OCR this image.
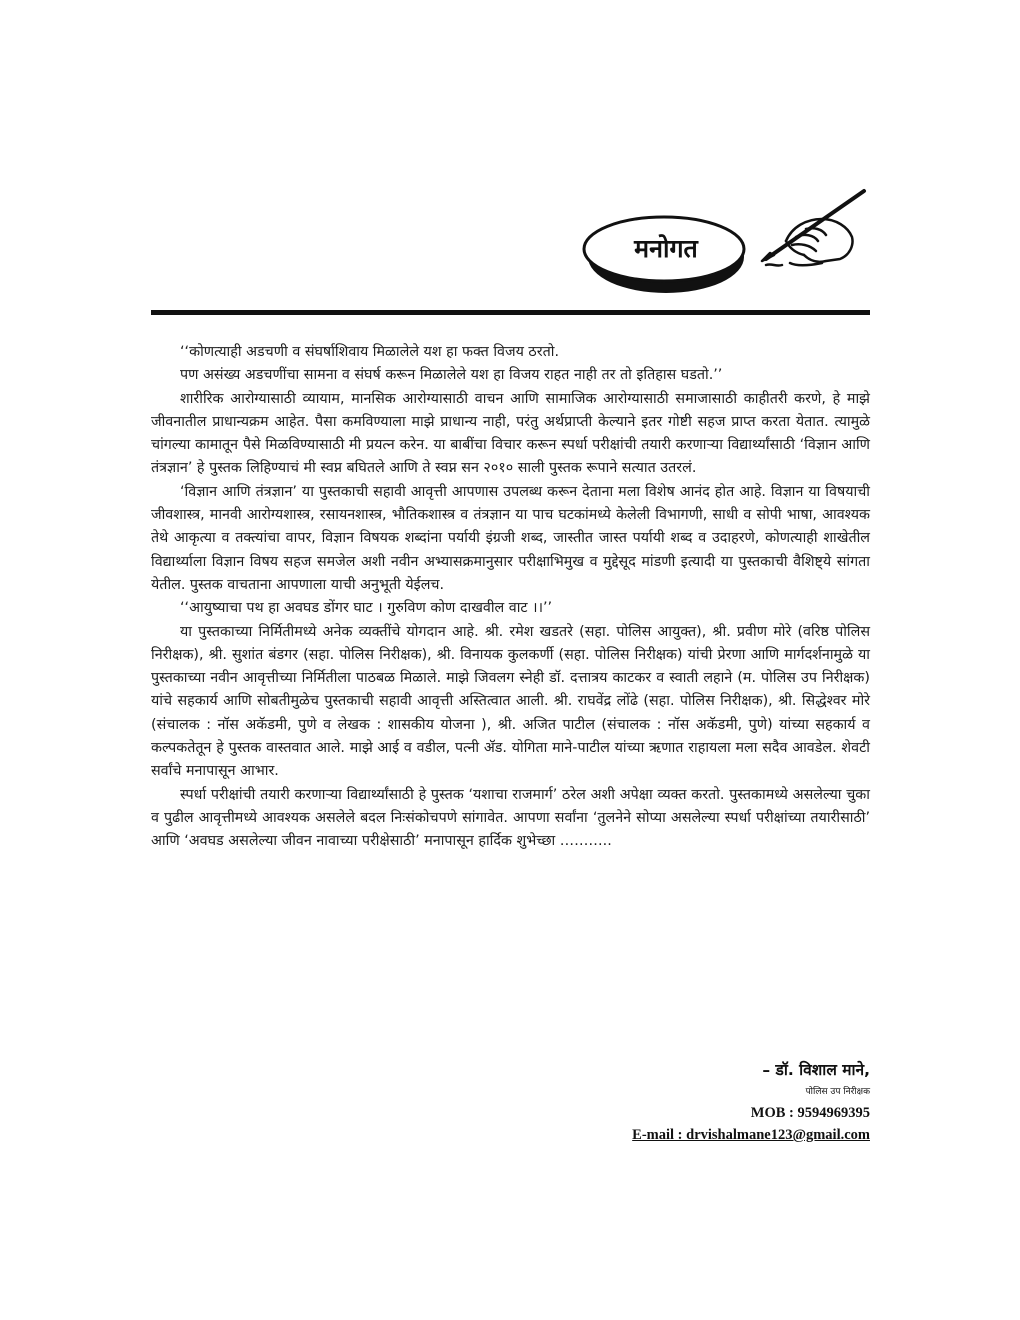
मनोगत

‘‘कोणत्याही अडचणी व संघर्षाशिवाय मिळालेले यश हा फक्त विजय ठरतो.

पण असंख्य अडचणींचा सामना व संघर्ष करून मिळालेले यश हा विजय राहत नाही तर तो इतिहास घडतो.’’

शारीरिक आरोग्यासाठी व्यायाम, मानसिक आरोग्यासाठी वाचन आणि सामाजिक आरोग्यासाठी समाजासाठी काहीतरी करणे, हे माझे जीवनातील प्राधान्यक्रम आहेत. पैसा कमविण्याला माझे प्राधान्य नाही, परंतु अर्थप्राप्ती केल्याने इतर गोष्टी सहज प्राप्त करता येतात. त्यामुळे चांगल्या कामातून पैसे मिळविण्यासाठी मी प्रयत्न करेन. या बाबींचा विचार करून स्पर्धा परीक्षांची तयारी करणाऱ्या विद्यार्थ्यांसाठी ‘विज्ञान आणि तंत्रज्ञान’ हे पुस्तक लिहिण्याचं मी स्वप्न बघितले आणि ते स्वप्न सन २०१० साली पुस्तक रूपाने सत्यात उतरलं.

‘विज्ञान आणि तंत्रज्ञान’ या पुस्तकाची सहावी आवृत्ती आपणास उपलब्ध करून देताना मला विशेष आनंद होत आहे. विज्ञान या विषयाची जीवशास्त्र, मानवी आरोग्यशास्त्र, रसायनशास्त्र, भौतिकशास्त्र व तंत्रज्ञान या पाच घटकांमध्ये केलेली विभागणी, साधी व सोपी भाषा, आवश्यक तेथे आकृत्या व तक्त्यांचा वापर, विज्ञान विषयक शब्दांना पर्यायी इंग्रजी शब्द, जास्तीत जास्त पर्यायी शब्द व उदाहरणे, कोणत्याही शाखेतील विद्यार्थ्याला विज्ञान विषय सहज समजेल अशी नवीन अभ्यासक्रमानुसार परीक्षाभिमुख व मुद्देसूद मांडणी इत्यादी या पुस्तकाची वैशिष्ट्ये सांगता येतील. पुस्तक वाचताना आपणाला याची अनुभूती येईलच.

‘‘आयुष्याचा पथ हा अवघड डोंगर घाट । गुरुविण कोण दाखवील वाट ।।’’

या पुस्तकाच्या निर्मितीमध्ये अनेक व्यक्तींचे योगदान आहे. श्री. रमेश खडतरे (सहा. पोलिस आयुक्त), श्री. प्रवीण मोरे (वरिष्ठ पोलिस निरीक्षक), श्री. सुशांत बंडगर (सहा. पोलिस निरीक्षक), श्री. विनायक कुलकर्णी (सहा. पोलिस निरीक्षक) यांची प्रेरणा आणि मार्गदर्शनामुळे या पुस्तकाच्या नवीन आवृत्तीच्या निर्मितीला पाठबळ मिळाले. माझे जिवलग स्नेही डॉ. दत्तात्रय काटकर व स्वाती लहाने (म. पोलिस उप निरीक्षक) यांचे सहकार्य आणि सोबतीमुळेच पुस्तकाची सहावी आवृत्ती अस्तित्वात आली. श्री. राघवेंद्र लोंढे (सहा. पोलिस निरीक्षक), श्री. सिद्धेश्वर मोरे (संचालक : नॉस अकॅडमी, पुणे व लेखक : शासकीय योजना ), श्री. अजित पाटील (संचालक : नॉस अकॅडमी, पुणे) यांच्या सहकार्य व कल्पकतेतून हे पुस्तक वास्तवात आले. माझे आई व वडील, पत्नी ॲड. योगिता माने-पाटील यांच्या ऋणात राहायला मला सदैव आवडेल. शेवटी सर्वांचे मनापासून आभार.

स्पर्धा परीक्षांची तयारी करणाऱ्या विद्यार्थ्यांसाठी हे पुस्तक ‘यशाचा राजमार्ग’ ठरेल अशी अपेक्षा व्यक्त करतो. पुस्तकामध्ये असलेल्या चुका व पुढील आवृत्तीमध्ये आवश्यक असलेले बदल निःसंकोचपणे सांगावेत. आपणा सर्वांना ‘तुलनेने सोप्या असलेल्या स्पर्धा परीक्षांच्या तयारीसाठी’ आणि ‘अवघड असलेल्या जीवन नावाच्या परीक्षेसाठी’ मनापासून हार्दिक शुभेच्छा ………..

– डॉ. विशाल माने,
पोलिस उप निरीक्षक
MOB : 9594969395
E-mail : drvishalmane123@gmail.com
